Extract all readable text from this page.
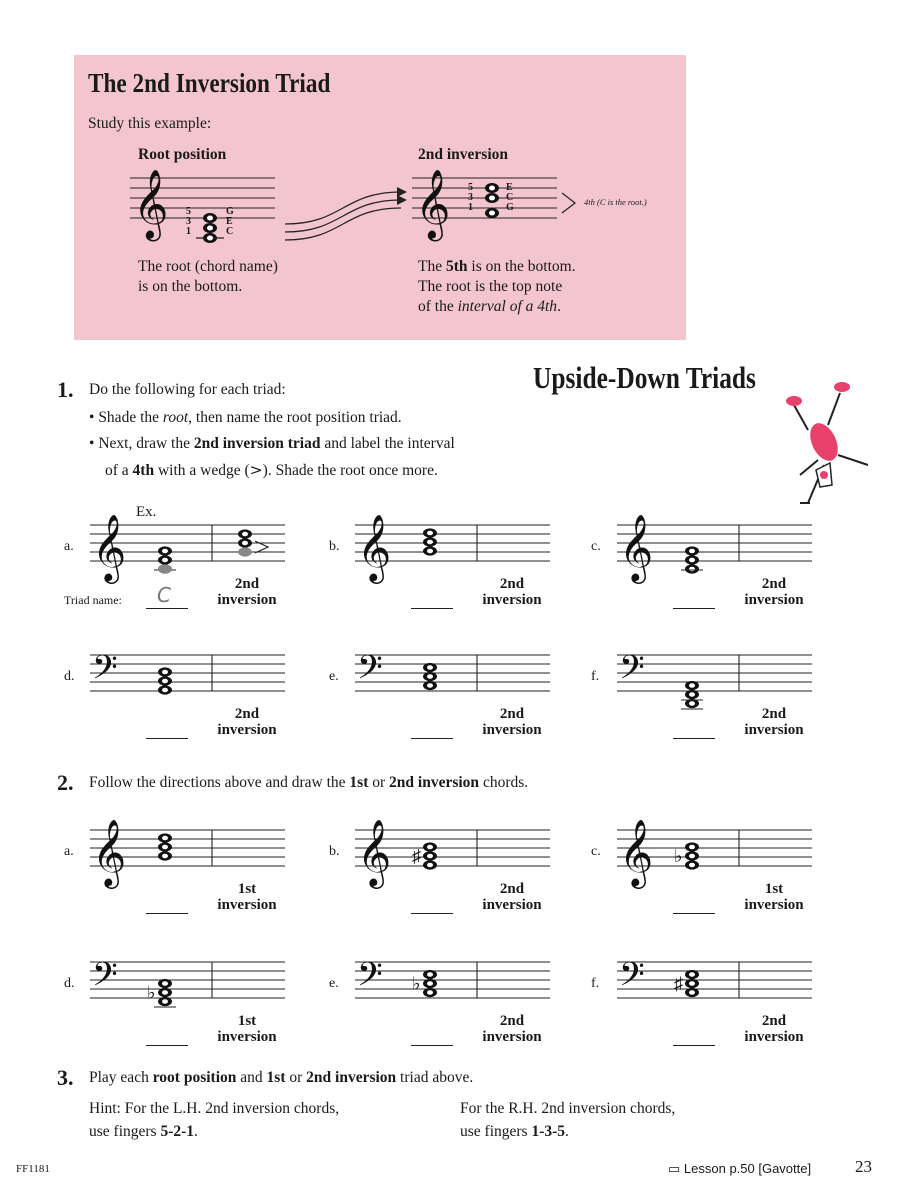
The 2nd Inversion Triad
Study this example:
Root position	2nd inversion
𝄞 5
3
1
G
E
C	𝄞 5
3
1
E
C
G	4th (C is the root.)
The root (chord name)
is on the bottom.
The 5th is on the bottom.
The root is the top note
of the interval of a 4th.
Upside-Down Triads
1. Do the following for each triad:
• Shade the root, then name the root position triad.
• Next, draw the 2nd inversion triad and label the interval
of a 4th with a wedge (>). Shade the root once more.
Ex.
Triad name: C
𝄞
a.
2nd
inversion
𝄞
b.
2nd
inversion
𝄞
c.
2nd
inversion
𝄢
d.
2nd
inversion
𝄢
e.
2nd
inversion
𝄢
f.
2nd
inversion
𝄞
a.
1st
inversion
𝄞 ♯
b.
2nd
inversion
𝄞 ♭
c.
1st
inversion
𝄢 ♭
d.
1st
inversion
𝄢 ♭
e.
2nd
inversion
𝄢 ♯
f.
2nd
inversion
2. Follow the directions above and draw the 1st or 2nd inversion chords.
3. Play each root position and 1st or 2nd inversion triad above.
Hint: For the L.H. 2nd inversion chords,
use fingers 5-2-1.
For the R.H. 2nd inversion chords,
use fingers 1-3-5.
FF1181	▭ Lesson p.50 [Gavotte]	23
